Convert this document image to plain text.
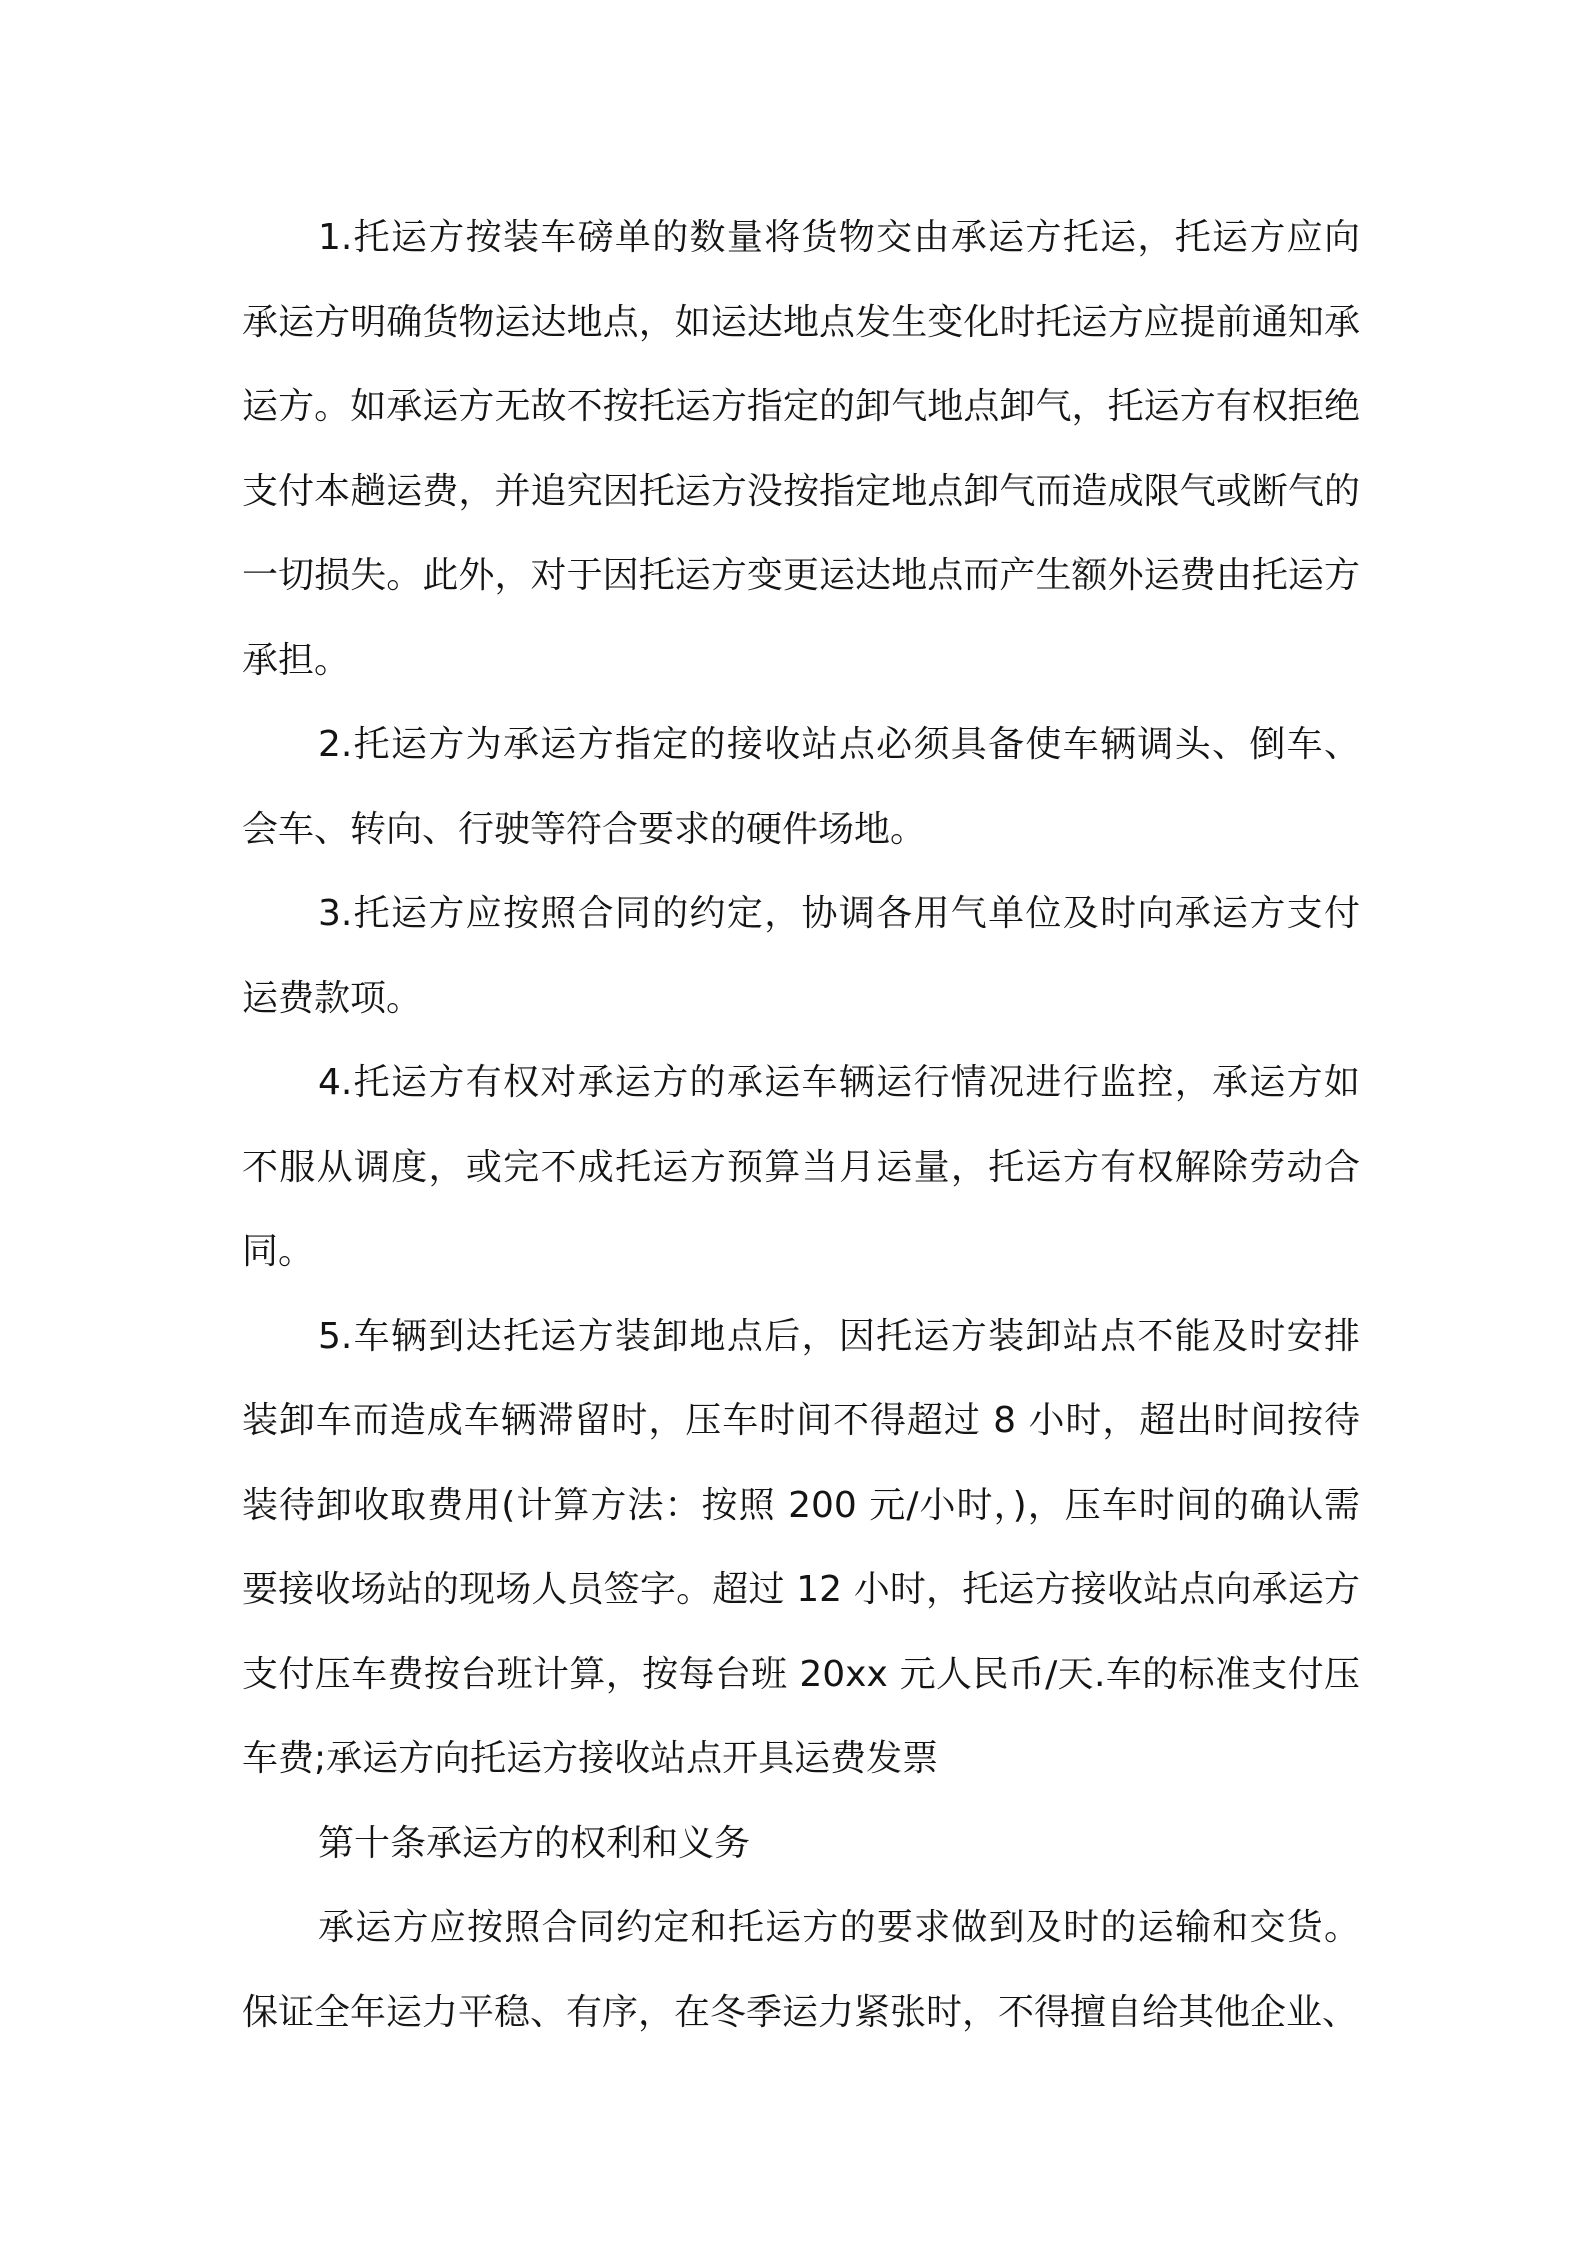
1.托运方按装车磅单的数量将货物交由承运方托运，托运方应向承运方明确货物运达地点，如运达地点发生变化时托运方应提前通知承运方。如承运方无故不按托运方指定的卸气地点卸气，托运方有权拒绝支付本趟运费，并追究因托运方没按指定地点卸气而造成限气或断气的一切损失。此外，对于因托运方变更运达地点而产生额外运费由托运方承担。

2.托运方为承运方指定的接收站点必须具备使车辆调头、倒车、会车、转向、行驶等符合要求的硬件场地。

3.托运方应按照合同的约定，协调各用气单位及时向承运方支付运费款项。

4.托运方有权对承运方的承运车辆运行情况进行监控，承运方如不服从调度，或完不成托运方预算当月运量，托运方有权解除劳动合同。

5.车辆到达托运方装卸地点后，因托运方装卸站点不能及时安排装卸车而造成车辆滞留时，压车时间不得超过 8 小时，超出时间按待装待卸收取费用(计算方法：按照 200 元/小时，)，压车时间的确认需要接收场站的现场人员签字。超过 12 小时，托运方接收站点向承运方支付压车费按台班计算，按每台班 20xx 元人民币/天.车的标准支付压车费;承运方向托运方接收站点开具运费发票

第十条承运方的权利和义务

承运方应按照合同约定和托运方的要求做到及时的运输和交货。保证全年运力平稳、有序，在冬季运力紧张时，不得擅自给其他企业、
